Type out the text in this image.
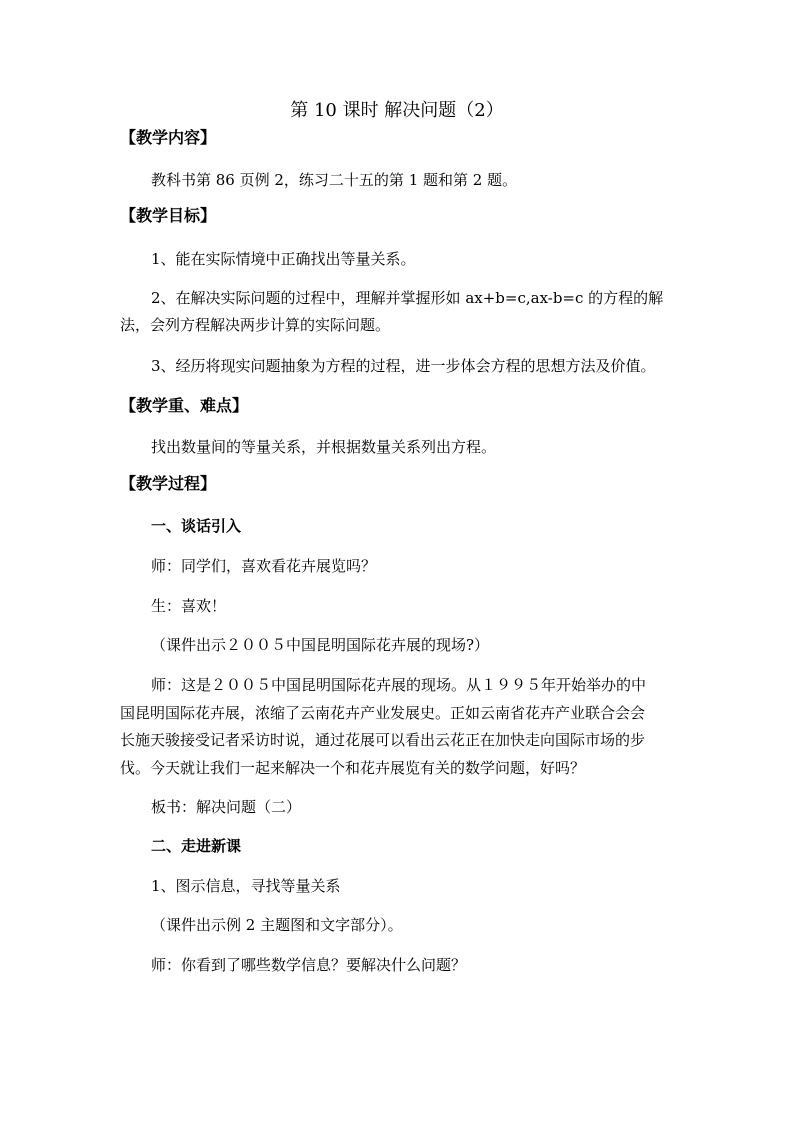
第 10 课时 解决问题（2）
【教学内容】
教科书第 86 页例 2，练习二十五的第 1 题和第 2 题。
【教学目标】
1、能在实际情境中正确找出等量关系。
2、在解决实际问题的过程中，理解并掌握形如 ax+b=c,ax-b=c 的方程的解
法，会列方程解决两步计算的实际问题。
3、经历将现实问题抽象为方程的过程，进一步体会方程的思想方法及价值。
【教学重、难点】
找出数量间的等量关系，并根据数量关系列出方程。
【教学过程】
一、谈话引入
师：同学们，喜欢看花卉展览吗？
生：喜欢！
（课件出示２００５中国昆明国际花卉展的现场?）
师：这是２００５中国昆明国际花卉展的现场。从１９９５年开始举办的中
国昆明国际花卉展，浓缩了云南花卉产业发展史。正如云南省花卉产业联合会会
长施天骏接受记者采访时说，通过花展可以看出云花正在加快走向国际市场的步
伐。今天就让我们一起来解决一个和花卉展览有关的数学问题，好吗？
板书：解决问题（二）
二、走进新课
1、图示信息，寻找等量关系
（课件出示例 2 主题图和文字部分）。
师：你看到了哪些数学信息？要解决什么问题？
